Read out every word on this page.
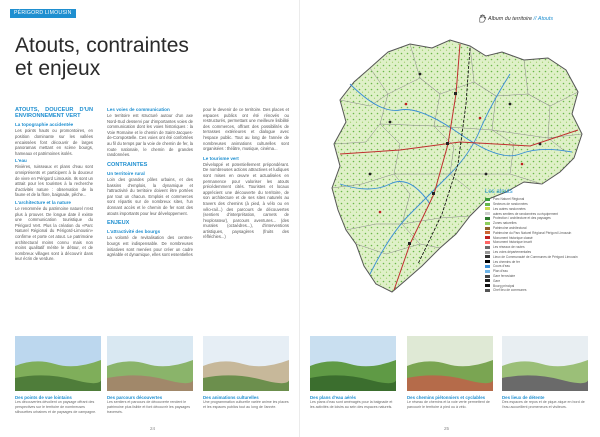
PÉRIGORD LIMOUSIN
Atouts, contraintes
et enjeux
ATOUTS, DOUCEUR D'UN ENVIRONNEMENT VERT
La topographie accidentée
Les points hauts ou promontoires, en position dominante sur les vallées encaissées font découvrir de larges panoramas mettant en scène bourgs, hameaux et patrimoines isolés.
L'eau
Rivières, ruisseaux et plans d'eau sont omniprésents et participent à la douceur de vivre en Périgord Limousin. Ils sont un attrait pour les touristes à la recherche d'activités nature : observation de la faune et de la flore, baignade, pêche...
L'architecture et la nature
Le renommée du patrimoine naturel n'est plus à prouver. De longue date il existe une communication touristique du Périgord Vert. Plus la création du «Parc Naturel Régional du Périgord-Limousin» confirme et porte cet atout. Le patrimoine architectural moins connu mais non moins qualitatif mérite le détour, et de nombreux villages sont à découvrir dans leur écrin de verdure.
Les voies de communication
Le territoire est structuré autour d'un axe Nord-Sud desservi par d'importantes voies de communication dont les voies historiques : la Voie Romaine et le chemin de Saint-Jacques-de-Compostelle. Ces voies ont été confortées au fil du temps par la voie de chemin de fer, la route nationale, le chemin de grandes randonnées.
CONTRAINTES
Un territoire rural
Loin des grandes pôles urbains, et des bassins d'emplois, la dynamique et l'attractivité du territoire doivent être portées par tout un chacun. Emplois et commerces sont répartis sur de nombreux sites, l'un donnant accès et le chemin de fer sont des atouts importants pour leur développement.
ENJEUX
L'attractivité des bourgs
La volonté de revitalisation des centres-bourgs est indispensable. De nombreuses initiatives sont menées pour créer un cadre agréable et dynamique, elles sont essentielles
pour le devenir de ce territoire. Des places et espaces publics ont été rénovés ou restructurés, permettant une meilleure lisibilité des commerces, offrant des possibilités de terrasses extérieures et dialogue avec l'espace public. Tout au long de l'année de nombreuses animations culturelles sont organisées : théâtre, musique, cinéma...
Le tourisme vert
Développé et potentiellement prépondérant. De nombreuses actions attractives et ludiques sont mises en œuvre et actualisées en permanence pour valoriser les atouts précédemment cités. Touristes et locaux apprécient une découverte du territoire, de son architecture et de ses sites naturels au travers des chemins (à pied, à vélo ou en vélo-rail...) des parcours de découvertes (sentiers d'interprétation, carnets de l'explorateur), parcours aventures... (des murales (octaèdres...), d'interventions artistiques, paysagères (fruits des réfléchies...)
Album du territoire // Atouts
Les atouts
Parc Naturel Régional
Secteurs de randonnées
Les autres randonnées
autres sentiers de randonnées ou équipement
Protection / architecture et des paysages
Zones naturelles
Patrimoine architectural
Patrimoine du Parc Naturel Régional Périgord Limousin
Monument historique classé
Monument historique inscrit
Les réseaux de routes
Les voies départementales
Lieux de Communauté de Communes de Périgord Limousin
Les chemins de fer
Cours d'eau
Plan d'eau
Gare ferroviaire
Gare
Bourg principal
Chef lieu de communes
Des points de vue lointains
Les découvertes dévoilent un paysage offrant des perspectives sur le territoire de nombreuses silhouettes urbaines et de paysages de campagne.
Des parcours découvertes
Les sentiers et parcours de découverte rendent le patrimoine plus lisible et font découvrir les paysages traversés.
Des animations culturelles
Une programmation culturelle variée anime les places et les espaces publics tout au long de l'année.
Des plans d'eau aérés
Les plans d'eau sont aménagés pour la baignade et les activités de loisirs au sein des espaces naturels.
Des chemins piétonniers et cyclables
Le réseau de chemins et la voie verte permettent de parcourir le territoire à pied ou à vélo.
Des lieux de détente
Des espaces de repos et de pique-nique en bord de l'eau accueillent promeneurs et visiteurs.
24	25
